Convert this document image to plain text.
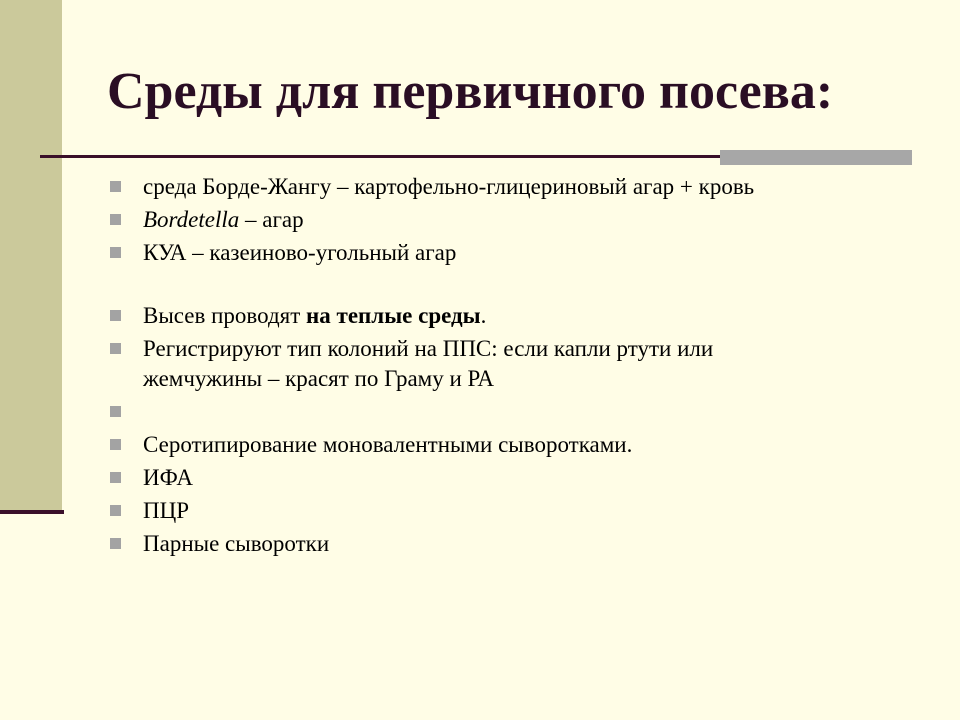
Среды для первичного посева:
среда Борде-Жангу – картофельно-глицериновый агар + кровь
Bordetella – агар
КУА – казеиново-угольный агар
Высев проводят на теплые среды.
Регистрируют тип колоний на ППС: если капли ртути или
жемчужины – красят по Граму и РА
Серотипирование моновалентными сыворотками.
ИФА
ПЦР
Парные сыворотки
